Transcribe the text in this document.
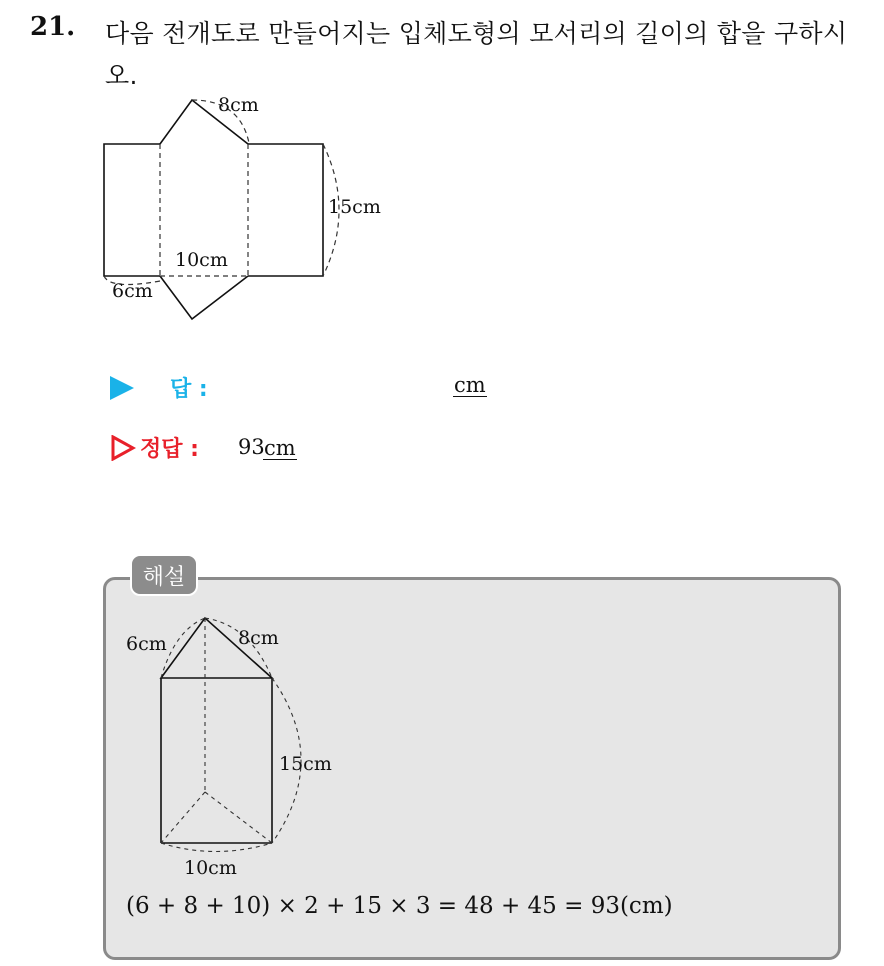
21. 다음 전개도로 만들어지는 입체도형의 모서리의 길이의 합을 구하시오.
8cm
15cm
10cm
6cm
답 :	cm
정답 : 93 cm
해설
6cm	8cm
15cm
10cm
(6 + 8 + 10) × 2 + 15 × 3 = 48 + 45 = 93(cm)
